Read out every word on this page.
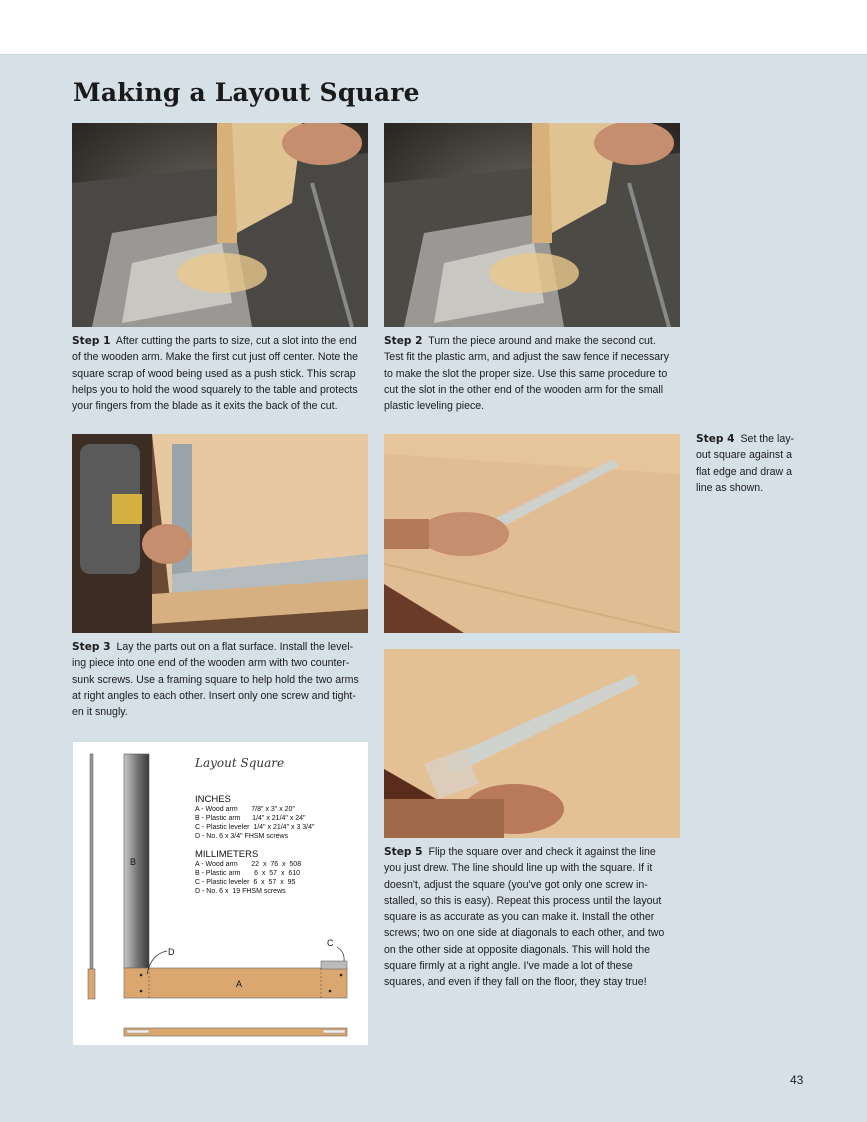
Making a Layout Square

Step 1 After cutting the parts to size, cut a slot into the end
of the wooden arm. Make the first cut just off center. Note the
square scrap of wood being used as a push stick. This scrap
helps you to hold the wood squarely to the table and protects
your fingers from the blade as it exits the back of the cut.

Step 2 Turn the piece around and make the second cut.
Test fit the plastic arm, and adjust the saw fence if necessary
to make the slot the proper size. Use this same procedure to
cut the slot in the other end of the wooden arm for the small
plastic leveling piece.

Step 3 Lay the parts out on a flat surface. Install the level-
ing piece into one end of the wooden arm with two counter-
sunk screws. Use a framing square to help hold the two arms
at right angles to each other. Insert only one screw and tight-
en it snugly.

Step 4 Set the lay-
out square against a
flat edge and draw a
line as shown.

Step 5 Flip the square over and check it against the line
you just drew. The line should line up with the square. If it
doesn't, adjust the square (you've got only one screw in-
stalled, so this is easy). Repeat this process until the layout
square is as accurate as you can make it. Install the other
screws; two on one side at diagonals to each other, and two
on the other side at opposite diagonals. This will hold the
square firmly at a right angle. I've made a lot of these
squares, and even if they fall on the floor, they stay true!

B
A
C
D
Layout Square
INCHES
A - Wood arm       7/8" x 3" x 20"
B - Plastic arm      1/4" x 21/4" x 24"
C - Plastic leveler  1/4" x 21/4" x 3 3/4"
D - No. 6 x 3/4" FHSM screws
MILLIMETERS
A - Wood arm       22  x  76  x  508
B - Plastic arm       6  x  57  x  610
C - Plastic leveler  6  x  57  x  95
D - No. 6 x  19 FHSM screws
43
